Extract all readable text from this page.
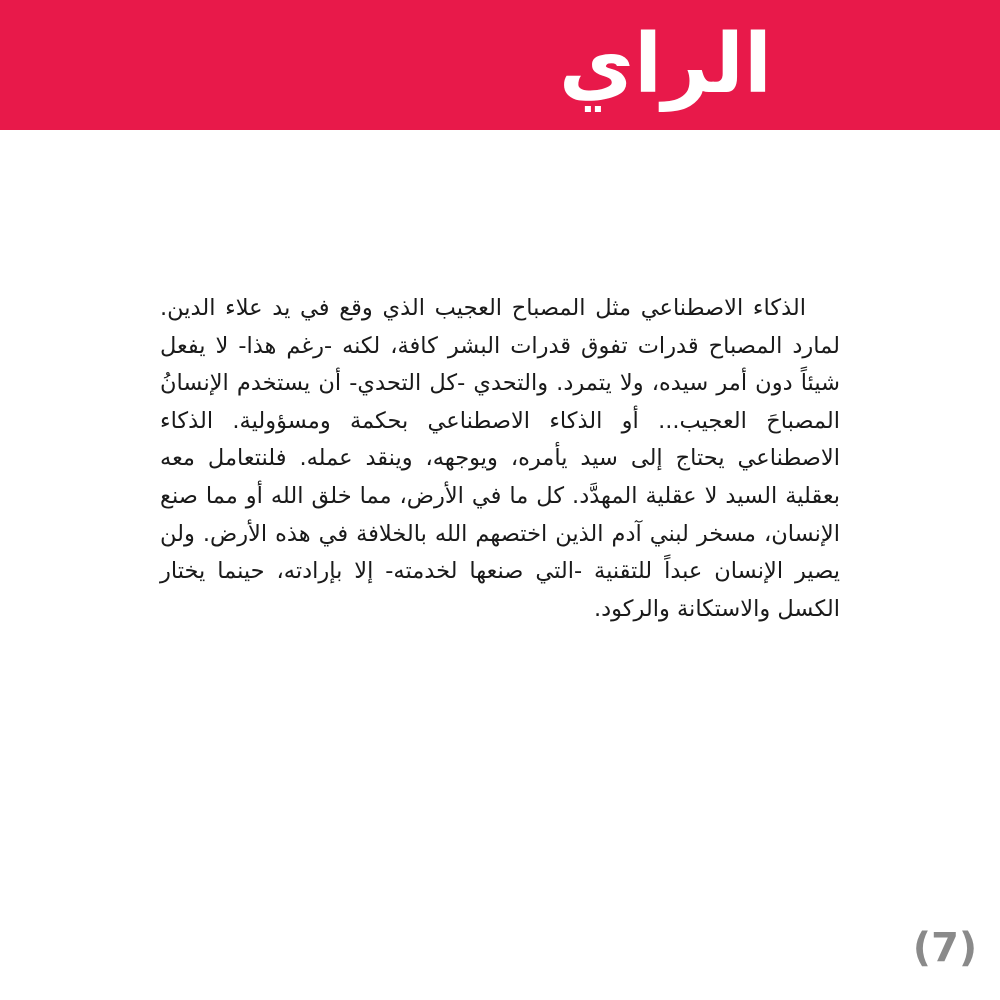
الراي

الذكاء الاصطناعي مثل المصباح العجيب الذي وقع في يد علاء الدين. لمارد المصباح قدرات تفوق قدرات البشر كافة، لكنه -رغم هذا- لا يفعل شيئاً دون أمر سيده، ولا يتمرد. والتحدي -كل التحدي- أن يستخدم الإنسانُ المصباحَ العجيب... أو الذكاء الاصطناعي بحكمة ومسؤولية. الذكاء الاصطناعي يحتاج إلى سيد يأمره، ويوجهه، وينقد عمله. فلنتعامل معه بعقلية السيد لا عقلية المهدَّد. كل ما في الأرض، مما خلق الله أو مما صنع الإنسان، مسخر لبني آدم الذين اختصهم الله بالخلافة في هذه الأرض. ولن يصير الإنسان عبداً للتقنية -التي صنعها لخدمته- إلا بإرادته، حينما يختار الكسل والاستكانة والركود.

(7)
